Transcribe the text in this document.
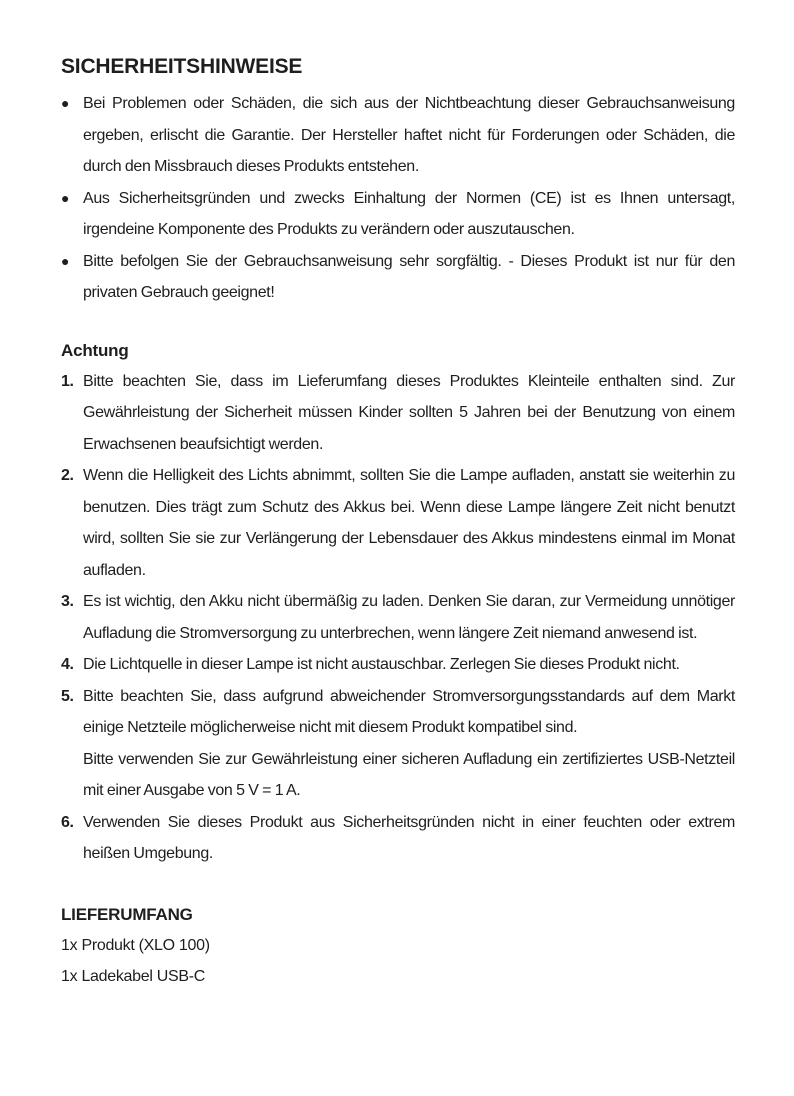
SICHERHEITSHINWEISE
● Bei Problemen oder Schäden, die sich aus der Nichtbeachtung dieser Gebrauchsanweisung ergeben, erlischt die Garantie. Der Hersteller haftet nicht für Forderungen oder Schäden, die durch den Missbrauch dieses Produkts entstehen.
● Aus Sicherheitsgründen und zwecks Einhaltung der Normen (CE) ist es Ihnen untersagt, irgendeine Komponente des Produkts zu verändern oder auszutauschen.
● Bitte befolgen Sie der Gebrauchsanweisung sehr sorgfältig. - Dieses Produkt ist nur für den privaten Gebrauch geeignet!
Achtung
1. Bitte beachten Sie, dass im Lieferumfang dieses Produktes Kleinteile enthalten sind. Zur Gewährleistung der Sicherheit müssen Kinder sollten 5 Jahren bei der Benutzung von einem Erwachsenen beaufsichtigt werden.
2. Wenn die Helligkeit des Lichts abnimmt, sollten Sie die Lampe aufladen, anstatt sie weiterhin zu benutzen. Dies trägt zum Schutz des Akkus bei. Wenn diese Lampe längere Zeit nicht benutzt wird, sollten Sie sie zur Verlängerung der Lebensdauer des Akkus mindestens einmal im Monat aufladen.
3. Es ist wichtig, den Akku nicht übermäßig zu laden. Denken Sie daran, zur Vermeidung unnötiger Aufladung die Stromversorgung zu unterbrechen, wenn längere Zeit niemand anwesend ist.
4. Die Lichtquelle in dieser Lampe ist nicht austauschbar. Zerlegen Sie dieses Produkt nicht.
5. Bitte beachten Sie, dass aufgrund abweichender Stromversorgungsstandards auf dem Markt einige Netzteile möglicherweise nicht mit diesem Produkt kompatibel sind.
Bitte verwenden Sie zur Gewährleistung einer sicheren Aufladung ein zertifiziertes USB-Netzteil mit einer Ausgabe von 5 V = 1 A.
6. Verwenden Sie dieses Produkt aus Sicherheitsgründen nicht in einer feuchten oder extrem heißen Umgebung.
LIEFERUMFANG
1x Produkt (XLO 100)
1x Ladekabel USB-C
